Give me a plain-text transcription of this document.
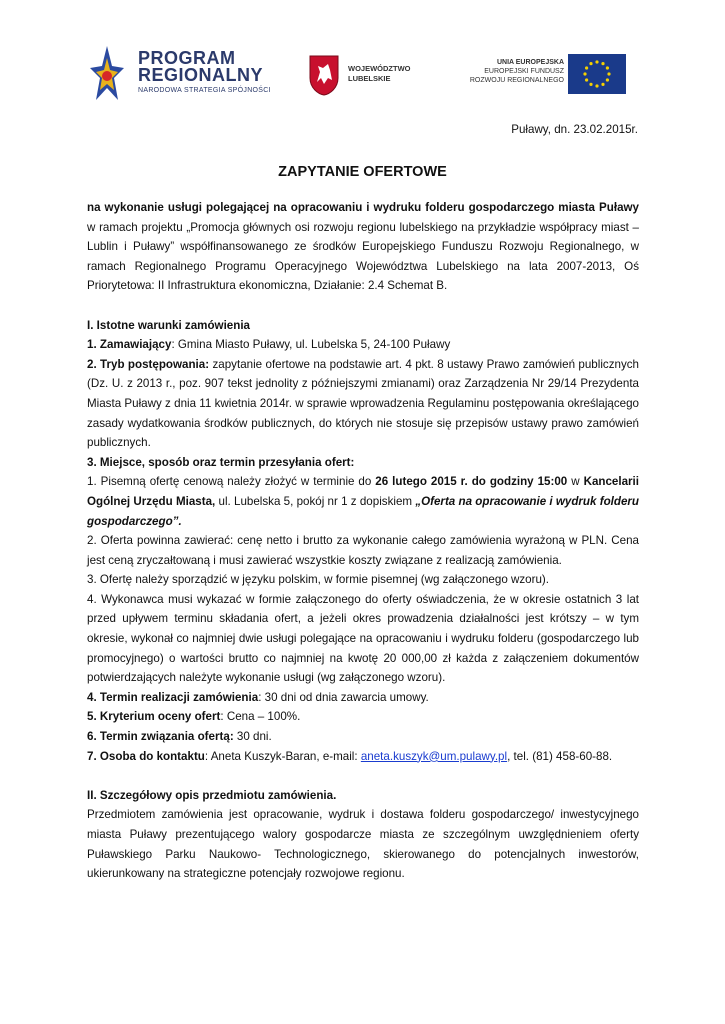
PROGRAM
REGIONALNY
NARODOWA STRATEGIA SPÓJNOŚCI
WOJEWÓDZTWO
LUBELSKIE
UNIA EUROPEJSKA
EUROPEJSKI FUNDUSZ
ROZWOJU REGIONALNEGO
Puławy, dn. 23.02.2015r.
ZAPYTANIE OFERTOWE

na wykonanie usługi polegającej na opracowaniu i wydruku folderu gospodarczego miasta Puławy w ramach projektu „Promocja głównych osi rozwoju regionu lubelskiego na przykładzie współpracy miast – Lublin i Puławy” współfinansowanego ze środków Europejskiego Funduszu Rozwoju Regionalnego, w ramach Regionalnego Programu Operacyjnego Województwa Lubelskiego na lata 2007-2013, Oś Priorytetowa: II Infrastruktura ekonomiczna, Działanie: 2.4 Schemat B.

I. Istotne warunki zamówienia

1. Zamawiający: Gmina Miasto Puławy, ul. Lubelska 5, 24-100 Puławy

2. Tryb postępowania: zapytanie ofertowe na podstawie art. 4 pkt. 8 ustawy Prawo zamówień publicznych (Dz. U. z 2013 r., poz. 907 tekst jednolity z późniejszymi zmianami) oraz Zarządzenia Nr 29/14 Prezydenta Miasta Puławy z dnia 11 kwietnia 2014r. w sprawie wprowadzenia Regulaminu postępowania określającego zasady wydatkowania środków publicznych, do których nie stosuje się przepisów ustawy prawo zamówień publicznych.

3. Miejsce, sposób oraz termin przesyłania ofert:

1. Pisemną ofertę cenową należy złożyć w terminie do 26 lutego 2015 r. do godziny 15:00 w Kancelarii Ogólnej Urzędu Miasta, ul. Lubelska 5, pokój nr 1 z dopiskiem „Oferta na opracowanie i wydruk folderu gospodarczego”.

2. Oferta powinna zawierać: cenę netto i brutto za wykonanie całego zamówienia wyrażoną w PLN. Cena jest ceną zryczałtowaną i musi zawierać wszystkie koszty związane z realizacją zamówienia.

3. Ofertę należy sporządzić w języku polskim, w formie pisemnej (wg załączonego wzoru).

4. Wykonawca musi wykazać w formie załączonego do oferty oświadczenia, że w okresie ostatnich 3 lat przed upływem terminu składania ofert, a jeżeli okres prowadzenia działalności jest krótszy – w tym okresie, wykonał co najmniej dwie usługi polegające na opracowaniu i wydruku folderu (gospodarczego lub promocyjnego) o wartości brutto co najmniej na kwotę 20 000,00 zł każda z załączeniem dokumentów potwierdzających należyte wykonanie usługi (wg załączonego wzoru).

4. Termin realizacji zamówienia: 30 dni od dnia zawarcia umowy.

5. Kryterium oceny ofert: Cena – 100%.

6. Termin związania ofertą: 30 dni.

7. Osoba do kontaktu: Aneta Kuszyk-Baran, e-mail: aneta.kuszyk@um.pulawy.pl, tel. (81) 458-60-88.

II. Szczegółowy opis przedmiotu zamówienia.

Przedmiotem zamówienia jest opracowanie, wydruk i dostawa folderu gospodarczego/ inwestycyjnego miasta Puławy prezentującego walory gospodarcze miasta ze szczególnym uwzględnieniem oferty Puławskiego Parku Naukowo- Technologicznego, skierowanego do potencjalnych inwestorów, ukierunkowany na strategiczne potencjały rozwojowe regionu.
